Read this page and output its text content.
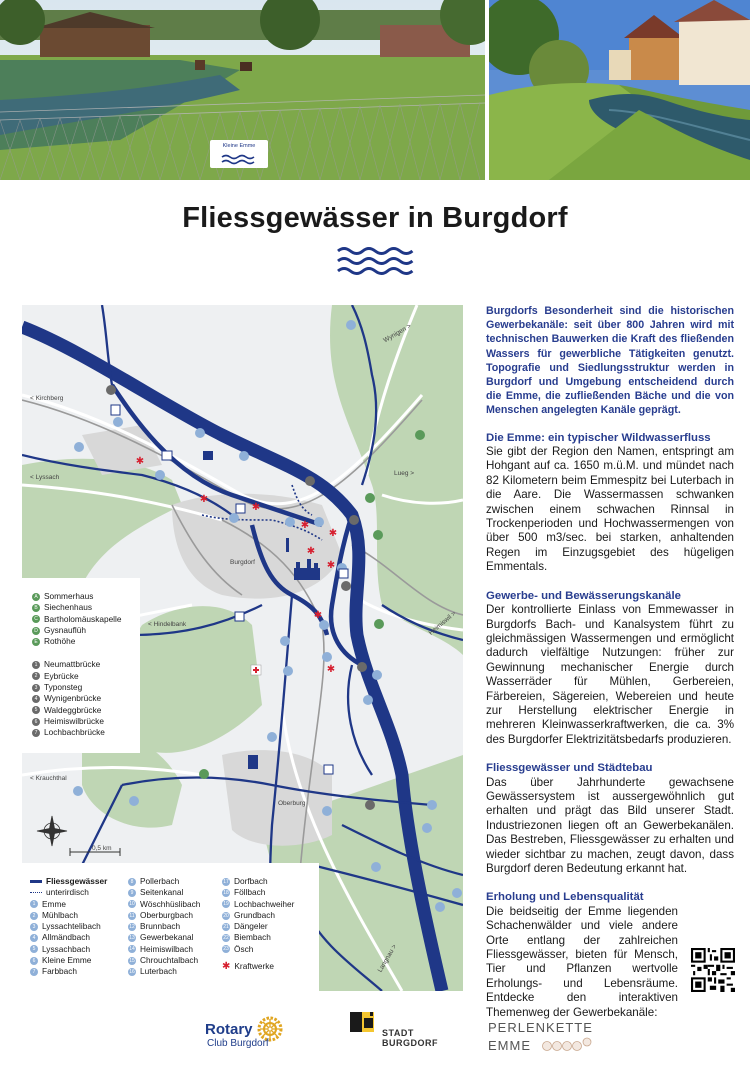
Kleine Emme
Fliessgewässer in Burgdorf
✱
✱
✱
✱
✱
✱
✱
✱
✱
< Kirchberg
< Lyssach
Wynigen >
Lueg >
Burgdorf
< Hindelbank	Heimiswil >
< Krauchthal
Oberburg
Langnau >
0,5 km
A Sommerhaus
B Siechenhaus
C Bartholomäuskapelle
D Gysnauflüh
E Rothöhe
1 Neumattbrücke
2 Eybrücke
3 Typonsteg
4 Wynigenbrücke
5 Waldeggbrücke
6 Heimiswilbrücke
7 Lochbachbrücke
Fliessgewässer
unterirdisch
1 Emme
2 Mühlbach
3 Lyssachtelibach
4 Allmändbach
5 Lyssachbach
6 Kleine Emme
7 Farbbach
8 Pollerbach
9 Seitenkanal
10 Wöschhüslibach
11 Oberburgbach
12 Brunnbach
13 Gewerbekanal
14 Heimiswilbach
15 Chrouchtalbach
16 Luterbach
17 Dorfbach
18 Föllbach
19 Lochbachweiher
20 Grundbach
21 Dängeler
22 Biembach
23 Ösch
✱ Kraftwerke

Burgdorfs Besonderheit sind die historischen Gewerbekanäle: seit über 800 Jahren wird mit technischen Bauwerken die Kraft des fließenden Wassers für gewerbliche Tätigkeiten genutzt. Topografie und Siedlungsstruktur werden in Burgdorf und Umgebung entscheidend durch die Emme, die zufließenden Bäche und die von Menschen angelegten Kanäle geprägt.

Die Emme: ein typischer Wildwasserfluss

Sie gibt der Region den Namen, entspringt am Hohgant auf ca. 1650 m.ü.M. und mündet nach 82 Kilometern beim Emmespitz bei Luterbach in die Aare. Die Wassermassen schwanken zwischen einem schwachen Rinnsal in Trockenperioden und Hochwassermengen von über 500 m3/sec. bei starken, anhaltenden Regen im Einzugsgebiet des hügeligen Emmentals.

Gewerbe- und Bewässerungskanäle

Der kontrollierte Einlass von Emmewasser in Burgdorfs Bach- und Kanalsystem führt zu gleichmässigen Wassermengen und ermöglicht dadurch vielfältige Nutzungen: früher zur Gewinnung mechanischer Energie durch Wasserräder für Mühlen, Gerbereien, Färbereien, Sägereien, Webereien und heute zur Herstellung elektrischer Energie in mehreren Kleinwasserkraftwerken, die ca. 3% des Burgdorfer Elektrizitätsbedarfs produzieren.

Fliessgewässer und Städtebau

Das über Jahrhunderte gewachsene Gewässersystem ist aussergewöhnlich gut erhalten und prägt das Bild unserer Stadt. Industriezonen liegen oft an Gewerbekanälen. Das Bestreben, Fliessgewässer zu erhalten und wieder sichtbar zu machen, zeugt davon, dass Burgdorf deren Bedeutung erkannt hat.

Erholung und Lebensqualität

Die beidseitig der Emme liegenden Schachenwälder und viele andere Orte entlang der zahlreichen Fliessgewässer, bieten für Mensch, Tier und Pflanzen wertvolle Erholungs- und Lebensräume. Entdecke den interaktiven Themenweg der Gewerbekanäle:

Rotary
Club Burgdorf
STADT
BURGDORF
PERLENKETTE
EMME
